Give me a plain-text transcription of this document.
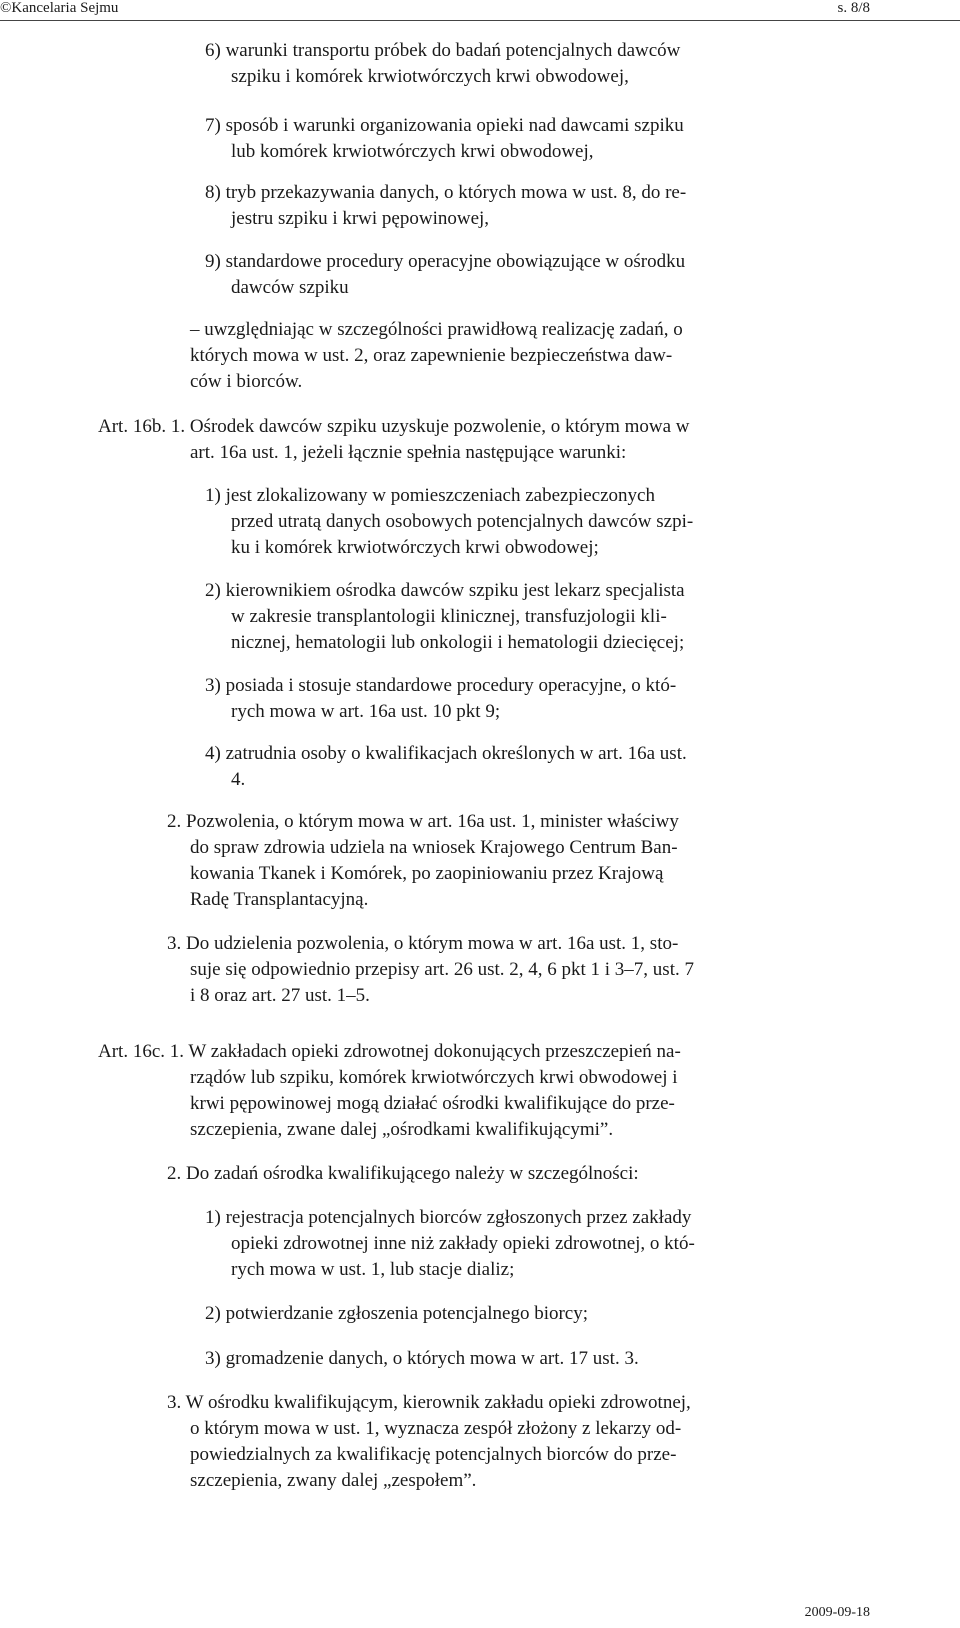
©Kancelaria Sejmu	s. 8/8
6) warunki transportu próbek do badań potencjalnych dawców
szpiku i komórek krwiotwórczych krwi obwodowej,
7) sposób i warunki organizowania opieki nad dawcami szpiku
lub komórek krwiotwórczych krwi obwodowej,
8) tryb przekazywania danych, o których mowa w ust. 8, do re-
jestru szpiku i krwi pępowinowej,
9) standardowe procedury operacyjne obowiązujące w ośrodku
dawców szpiku
– uwzględniając w szczególności prawidłową realizację zadań, o
których mowa w ust. 2, oraz zapewnienie bezpieczeństwa daw-
ców i biorców.
Art. 16b. 1. Ośrodek dawców szpiku uzyskuje pozwolenie, o którym mowa w
art. 16a ust. 1, jeżeli łącznie spełnia następujące warunki:
1) jest zlokalizowany w pomieszczeniach zabezpieczonych
przed utratą danych osobowych potencjalnych dawców szpi-
ku i komórek krwiotwórczych krwi obwodowej;
2) kierownikiem ośrodka dawców szpiku jest lekarz specjalista
w zakresie transplantologii klinicznej, transfuzjologii kli-
nicznej, hematologii lub onkologii i hematologii dziecięcej;
3) posiada i stosuje standardowe procedury operacyjne, o któ-
rych mowa w art. 16a ust. 10 pkt 9;
4) zatrudnia osoby o kwalifikacjach określonych w art. 16a ust.
4.
2. Pozwolenia, o którym mowa w art. 16a ust. 1, minister właściwy
do spraw zdrowia udziela na wniosek Krajowego Centrum Ban-
kowania Tkanek i Komórek, po zaopiniowaniu przez Krajową
Radę Transplantacyjną.
3. Do udzielenia pozwolenia, o którym mowa w art. 16a ust. 1, sto-
suje się odpowiednio przepisy art. 26 ust. 2, 4, 6 pkt 1 i 3–7, ust. 7
i 8 oraz art. 27 ust. 1–5.
Art. 16c. 1. W zakładach opieki zdrowotnej dokonujących przeszczepień na-
rządów lub szpiku, komórek krwiotwórczych krwi obwodowej i
krwi pępowinowej mogą działać ośrodki kwalifikujące do prze-
szczepienia, zwane dalej „ośrodkami kwalifikującymi”.
2. Do zadań ośrodka kwalifikującego należy w szczególności:
1) rejestracja potencjalnych biorców zgłoszonych przez zakłady
opieki zdrowotnej inne niż zakłady opieki zdrowotnej, o któ-
rych mowa w ust. 1, lub stacje dializ;
2) potwierdzanie zgłoszenia potencjalnego biorcy;
3) gromadzenie danych, o których mowa w art. 17 ust. 3.
3. W ośrodku kwalifikującym, kierownik zakładu opieki zdrowotnej,
o którym mowa w ust. 1, wyznacza zespół złożony z lekarzy od-
powiedzialnych za kwalifikację potencjalnych biorców do prze-
szczepienia, zwany dalej „zespołem”.
2009-09-18
